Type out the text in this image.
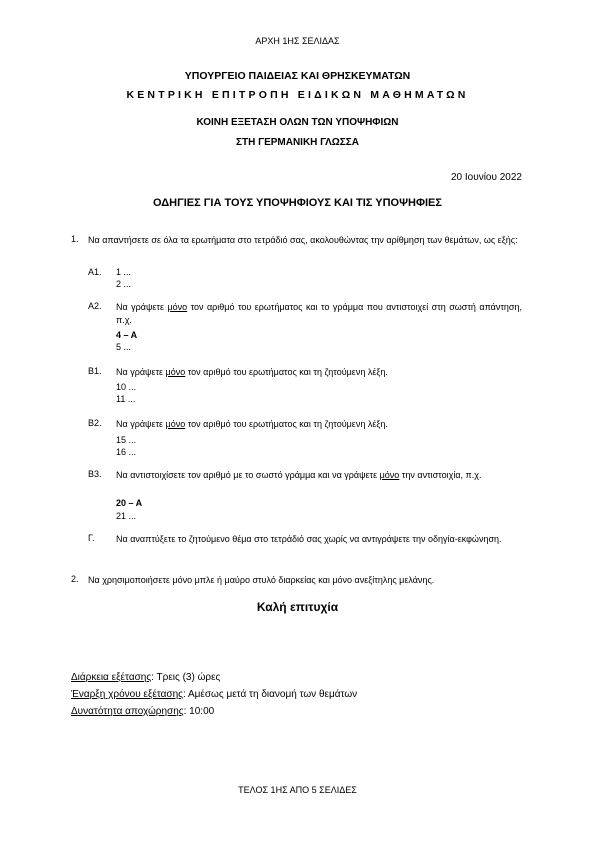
ΑΡΧΗ 1ΗΣ ΣΕΛΙΔΑΣ
ΥΠΟΥΡΓΕΙΟ ΠΑΙΔΕΙΑΣ ΚΑΙ ΘΡΗΣΚΕΥΜΑΤΩΝ
ΚΕΝΤΡΙΚΗ ΕΠΙΤΡΟΠΗ ΕΙΔΙΚΩΝ ΜΑΘΗΜΑΤΩΝ
ΚΟΙΝΗ ΕΞΕΤΑΣΗ ΟΛΩΝ ΤΩΝ ΥΠΟΨΗΦΙΩΝ
ΣΤΗ ΓΕΡΜΑΝΙΚΗ ΓΛΩΣΣΑ
20 Ιουνίου 2022
ΟΔΗΓΙΕΣ ΓΙΑ ΤΟΥΣ ΥΠΟΨΗΦΙΟΥΣ ΚΑΙ ΤΙΣ ΥΠΟΨΗΦΙΕΣ
1. Να απαντήσετε σε όλα τα ερωτήματα στο τετράδιό σας, ακολουθώντας την αρίθμηση των θεμάτων, ως εξής:
Α1. 1 ...
2 ...
Α2. Να γράψετε μόνο τον αριθμό του ερωτήματος και το γράμμα που αντιστοιχεί στη σωστή απάντηση, π.χ.
4 – Α
5 ...
Β1. Να γράψετε μόνο τον αριθμό του ερωτήματος και τη ζητούμενη λέξη.
10 ...
11 ...
Β2. Να γράψετε μόνο τον αριθμό του ερωτήματος και τη ζητούμενη λέξη.
15 ...
16 ...
Β3. Να αντιστοιχίσετε τον αριθμό με το σωστό γράμμα και να γράψετε μόνο την αντιστοιχία, π.χ.
20 – Α
21 ...
Γ. Να αναπτύξετε το ζητούμενο θέμα στο τετράδιό σας χωρίς να αντιγράψετε την οδηγία-εκφώνηση.
2. Να χρησιμοποιήσετε μόνο μπλε ή μαύρο στυλό διαρκείας και μόνο ανεξίτηλης μελάνης.
Καλή επιτυχία
Διάρκεια εξέτασης: Τρεις (3) ώρες
Έναρξη χρόνου εξέτασης: Αμέσως μετά τη διανομή των θεμάτων
Δυνατότητα αποχώρησης: 10:00
ΤΕΛΟΣ 1ΗΣ ΑΠΟ 5 ΣΕΛΙΔΕΣ
